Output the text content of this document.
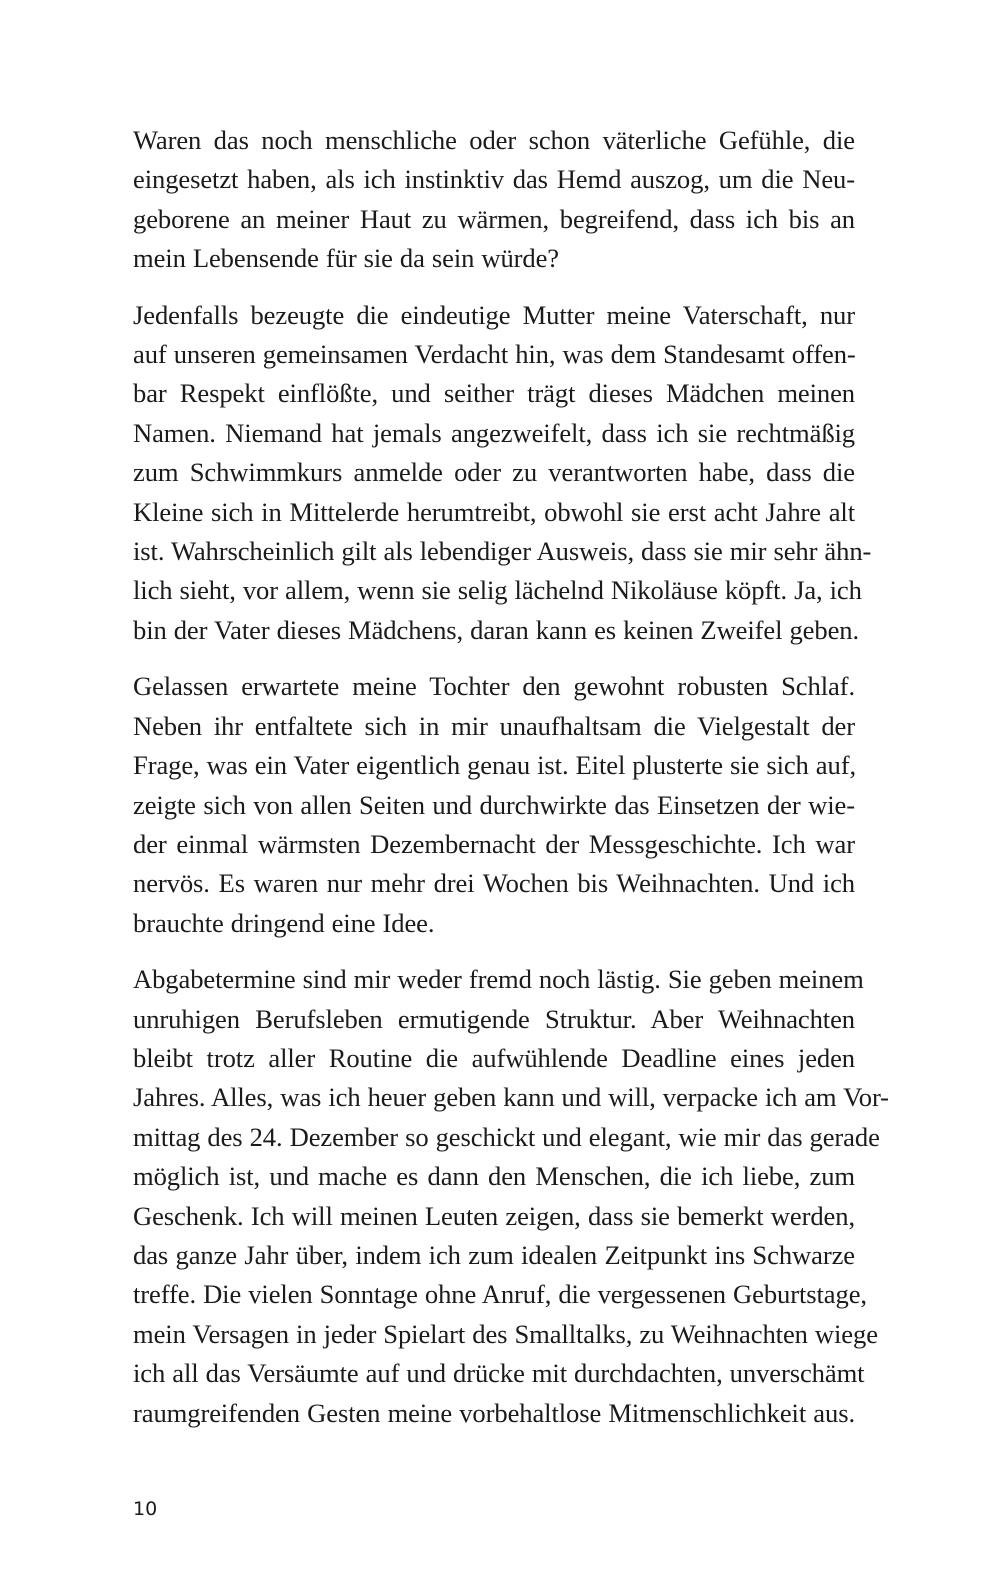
Waren das noch menschliche oder schon väterliche Gefühle, die
eingesetzt haben, als ich instinktiv das Hemd auszog, um die Neu-
geborene an meiner Haut zu wärmen, begreifend, dass ich bis an
mein Lebensende für sie da sein würde?

Jedenfalls bezeugte die eindeutige Mutter meine Vaterschaft, nur
auf unseren gemeinsamen Verdacht hin, was dem Standesamt offen-
bar Respekt einflößte, und seither trägt dieses Mädchen meinen
Namen. Niemand hat jemals angezweifelt, dass ich sie rechtmäßig
zum Schwimmkurs anmelde oder zu verantworten habe, dass die
Kleine sich in Mittelerde herumtreibt, obwohl sie erst acht Jahre alt
ist. Wahrscheinlich gilt als lebendiger Ausweis, dass sie mir sehr ähn-
lich sieht, vor allem, wenn sie selig lächelnd Nikoläuse köpft. Ja, ich
bin der Vater dieses Mädchens, daran kann es keinen Zweifel geben.

Gelassen erwartete meine Tochter den gewohnt robusten Schlaf.
Neben ihr entfaltete sich in mir unaufhaltsam die Vielgestalt der
Frage, was ein Vater eigentlich genau ist. Eitel plusterte sie sich auf,
zeigte sich von allen Seiten und durchwirkte das Einsetzen der wie-
der einmal wärmsten Dezembernacht der Messgeschichte. Ich war
nervös. Es waren nur mehr drei Wochen bis Weihnachten. Und ich
brauchte dringend eine Idee.

Abgabetermine sind mir weder fremd noch lästig. Sie geben meinem
unruhigen Berufsleben ermutigende Struktur. Aber Weihnachten
bleibt trotz aller Routine die aufwühlende Deadline eines jeden
Jahres. Alles, was ich heuer geben kann und will, verpacke ich am Vor-
mittag des 24. Dezember so geschickt und elegant, wie mir das gerade
möglich ist, und mache es dann den Menschen, die ich liebe, zum
Geschenk. Ich will meinen Leuten zeigen, dass sie bemerkt werden,
das ganze Jahr über, indem ich zum idealen Zeitpunkt ins Schwarze
treffe. Die vielen Sonntage ohne Anruf, die vergessenen Geburtstage,
mein Versagen in jeder Spielart des Smalltalks, zu Weihnachten wiege
ich all das Versäumte auf und drücke mit durchdachten, unverschämt
raumgreifenden Gesten meine vorbehaltlose Mitmenschlichkeit aus.

10
